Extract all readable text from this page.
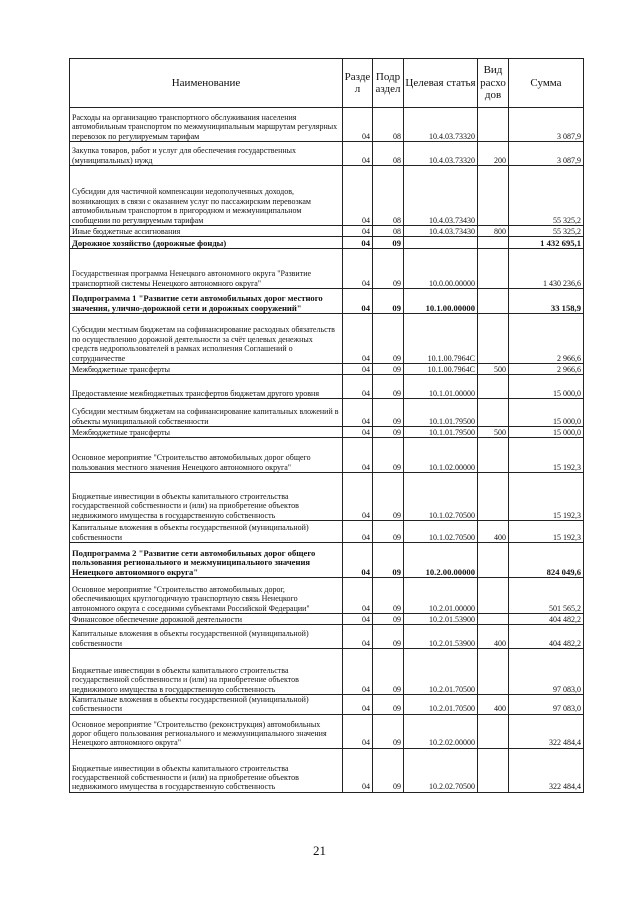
Наименование	Разде л	Подр аздел	Целевая статья	Вид расхо дов	Сумма
Расходы на организацию транспортного обслуживания населения автомобильным транспортом по межмуниципальным маршрутам регулярных перевозок по регулируемым тарифам	04	08	10.4.03.73320		3 087,9
Закупка товаров, работ и услуг для обеспечения государственных (муниципальных) нужд	04	08	10.4.03.73320	200	3 087,9
Субсидии для частичной компенсации недополученных доходов, возникающих в связи с оказанием услуг по пассажирским перевозкам автомобильным транспортом в пригородном и межмуниципальном сообщении по регулируемым тарифам	04	08	10.4.03.73430		55 325,2
Иные бюджетные ассигнования	04	08	10.4.03.73430	800	55 325,2
Дорожное хозяйство (дорожные фонды)	04	09			1 432 695,1
Государственная программа Ненецкого автономного округа "Развитие транспортной системы Ненецкого автономного округа"	04	09	10.0.00.00000		1 430 236,6
Подпрограмма 1 "Развитие сети автомобильных дорог местного значения, улично-дорожной сети и дорожных сооружений"	04	09	10.1.00.00000		33 158,9
Субсидии местным бюджетам на софинансирование расходных обязательств по осуществлению дорожной деятельности за счёт целевых денежных средств недропользователей в рамках исполнения Соглашений о сотрудничестве	04	09	10.1.00.7964C		2 966,6
Межбюджетные трансферты	04	09	10.1.00.7964C	500	2 966,6
Предоставление межбюджетных трансфертов бюджетам другого уровня	04	09	10.1.01.00000		15 000,0
Субсидии местным бюджетам на софинансирование капитальных вложений в объекты муниципальной собственности	04	09	10.1.01.79500		15 000,0
Межбюджетные трансферты	04	09	10.1.01.79500	500	15 000,0
Основное мероприятие "Строительство автомобильных дорог общего пользования местного значения Ненецкого автономного округа"	04	09	10.1.02.00000		15 192,3
Бюджетные инвестиции в объекты капитального строительства государственной собственности и (или) на приобретение объектов недвижимого имущества в государственную собственность	04	09	10.1.02.70500		15 192,3
Капитальные вложения в объекты государственной (муниципальной) собственности	04	09	10.1.02.70500	400	15 192,3
Подпрограмма 2 "Развитие сети автомобильных дорог общего пользования регионального и межмуниципального значения Ненецкого автономного округа"	04	09	10.2.00.00000		824 049,6
Основное мероприятие "Строительство автомобильных дорог, обеспечивающих круглогодичную транспортную связь Ненецкого автономного округа с соседними субъектами Российской Федерации"	04	09	10.2.01.00000		501 565,2
Финансовое обеспечение дорожной деятельности	04	09	10.2.01.53900		404 482,2
Капитальные вложения в объекты государственной (муниципальной) собственности	04	09	10.2.01.53900	400	404 482,2
Бюджетные инвестиции в объекты капитального строительства государственной собственности и (или) на приобретение объектов недвижимого имущества в государственную собственность	04	09	10.2.01.70500		97 083,0
Капитальные вложения в объекты государственной (муниципальной) собственности	04	09	10.2.01.70500	400	97 083,0
Основное мероприятие "Строительство (реконструкция) автомобильных дорог общего пользования регионального и межмуниципального значения Ненецкого автономного округа"	04	09	10.2.02.00000		322 484,4
Бюджетные инвестиции в объекты капитального строительства государственной собственности и (или) на приобретение объектов недвижимого имущества в государственную собственность	04	09	10.2.02.70500		322 484,4
21
